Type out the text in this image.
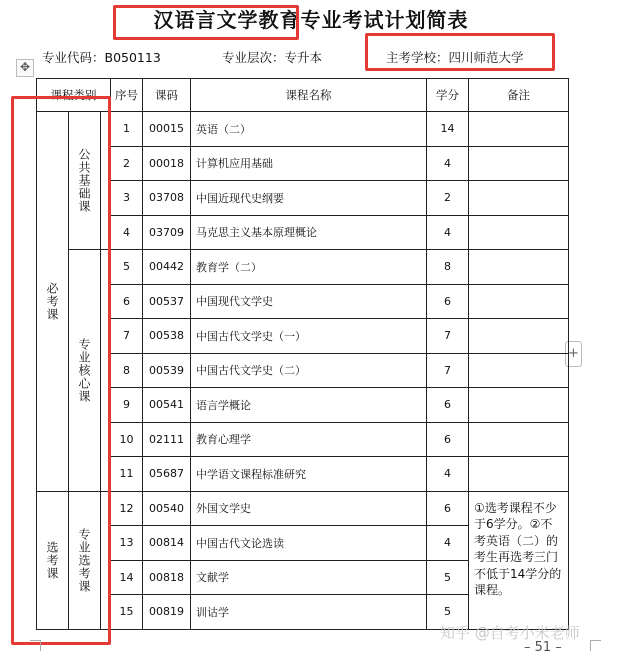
汉语言文学教育专业考试计划简表
专业代码：B050113	专业层次：专升本	主考学校：四川师范大学
✥
+
课程类别			序号	课码	课程名称	学分	备注
必考课	公共基础课		1	00015	英语（二）	14	
			2	00018	计算机应用基础	4	
			3	03708	中国近现代史纲要	2	
			4	03709	马克思主义基本原理概论	4	
	专业核心课		5	00442	教育学（二）	8	
			6	00537	中国现代文学史	6	
			7	00538	中国古代文学史（一）	7	
			8	00539	中国古代文学史（二）	7	
			9	00541	语言学概论	6	
			10	02111	教育心理学	6	
			11	05687	中学语文课程标准研究	4	
选考课	专业选考课		12	00540	外国文学史	6	①选考课程不少于6学分。②不考英语（二）的考生再选考三门不低于14学分的课程。
			13	00814	中国古代文论选读	4	
			14	00818	文献学	5	
			15	00819	训诂学	5	
知乎 @自考小米老师
– 51 –
